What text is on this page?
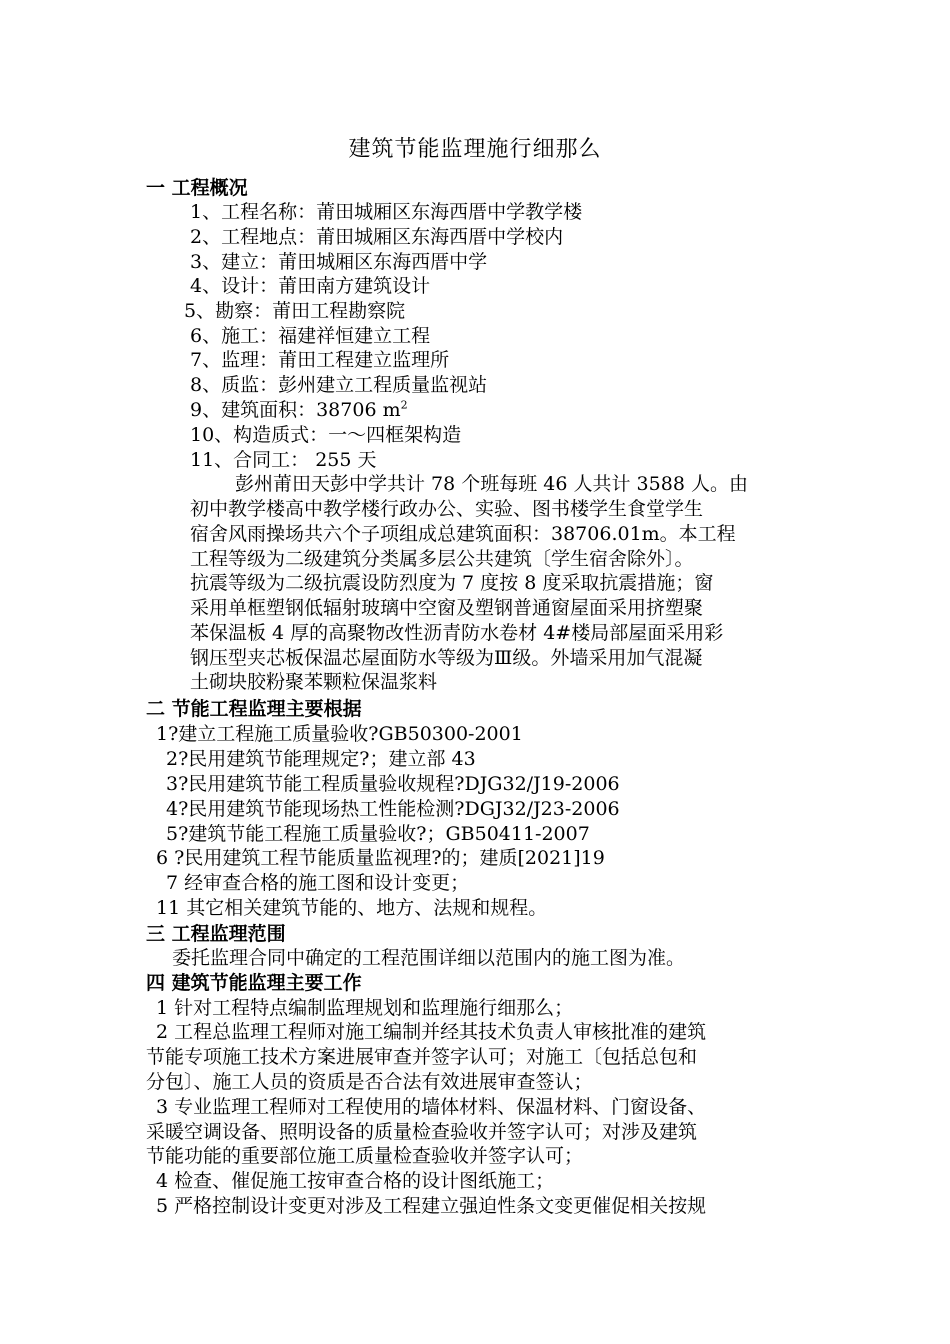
建筑节能监理施行细那么
一 工程概况
1、工程名称：莆田城厢区东海西厝中学教学楼
2、工程地点：莆田城厢区东海西厝中学校内
3、建立：莆田城厢区东海西厝中学
4、设计：莆田南方建筑设计
5、勘察：莆田工程勘察院
6、施工：福建祥恒建立工程
7、监理：莆田工程建立监理所
8、质监：彭州建立工程质量监视站
9、建筑面积：38706 $m^2$
10、构造质式：一～四框架构造
11、合同工： 255 天
彭州莆田天彭中学共计 78 个班每班 46 人共计 3588 人。由
初中教学楼高中教学楼行政办公、实验、图书楼学生食堂学生
宿舍风雨操场共六个子项组成总建筑面积：38706.01m。本工程
工程等级为二级建筑分类属多层公共建筑〔学生宿舍除外〕。
抗震等级为二级抗震设防烈度为 7 度按 8 度采取抗震措施；窗
采用单框塑钢低辐射玻璃中空窗及塑钢普通窗屋面采用挤塑聚
苯保温板 4 厚的高聚物改性沥青防水卷材 4#楼局部屋面采用彩
钢压型夹芯板保温芯屋面防水等级为Ⅲ级。外墙采用加气混凝
土砌块胶粉聚苯颗粒保温浆料
二 节能工程监理主要根据
1?建立工程施工质量验收?GB50300-2001
2?民用建筑节能理规定?；建立部 43
3?民用建筑节能工程质量验收规程?DJG32/J19-2006
4?民用建筑节能现场热工性能检测?DGJ32/J23-2006
5?建筑节能工程施工质量验收?；GB50411-2007
6 ?民用建筑工程节能质量监视理?的；建质[2021]19
7 经审查合格的施工图和设计变更；
11 其它相关建筑节能的、地方、法规和规程。
三 工程监理范围
委托监理合同中确定的工程范围详细以范围内的施工图为准。
四 建筑节能监理主要工作
1 针对工程特点编制监理规划和监理施行细那么；
2 工程总监理工程师对施工编制并经其技术负责人审核批准的建筑
节能专项施工技术方案进展审查并签字认可；对施工〔包括总包和
分包〕、施工人员的资质是否合法有效进展审查签认；
3 专业监理工程师对工程使用的墙体材料、保温材料、门窗设备、
采暖空调设备、照明设备的质量检查验收并签字认可；对涉及建筑
节能功能的重要部位施工质量检查验收并签字认可；
4 检查、催促施工按审查合格的设计图纸施工；
5 严格控制设计变更对涉及工程建立强迫性条文变更催促相关按规
